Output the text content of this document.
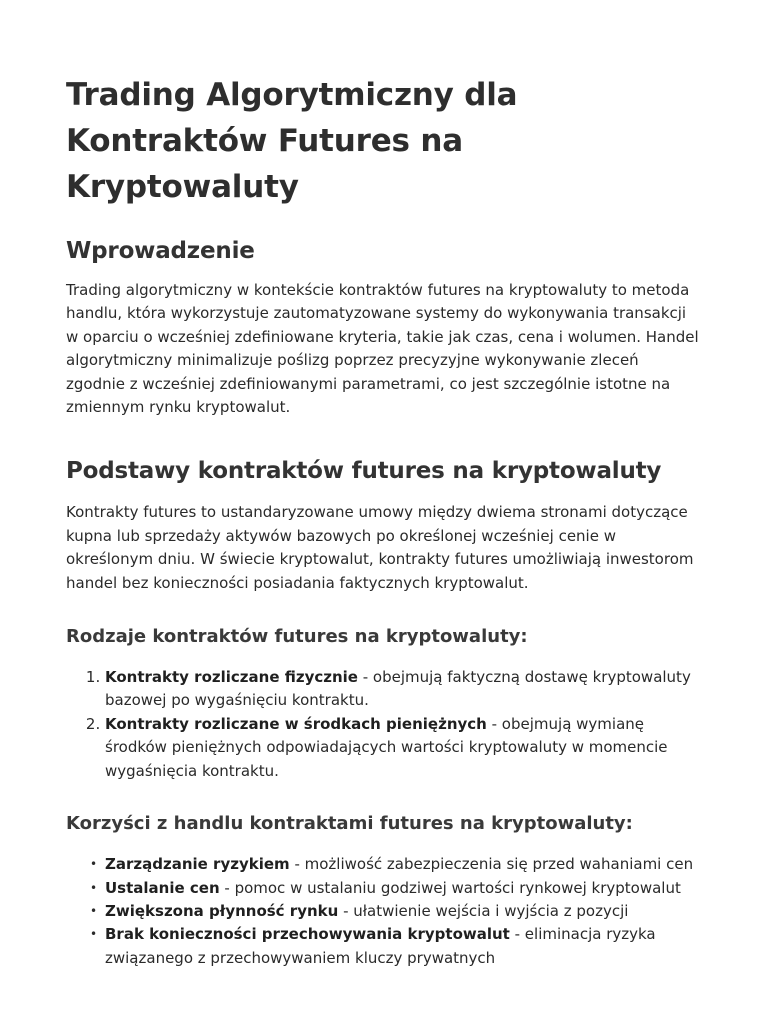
Trading Algorytmiczny dla Kontraktów Futures na Kryptowaluty
Wprowadzenie

Trading algorytmiczny w kontekście kontraktów futures na kryptowaluty to metoda handlu, która wykorzystuje zautomatyzowane systemy do wykonywania transakcji w oparciu o wcześniej zdefiniowane kryteria, takie jak czas, cena i wolumen. Handel algorytmiczny minimalizuje poślizg poprzez precyzyjne wykonywanie zleceń zgodnie z wcześniej zdefiniowanymi parametrami, co jest szczególnie istotne na zmiennym rynku kryptowalut.

Podstawy kontraktów futures na kryptowaluty

Kontrakty futures to ustandaryzowane umowy między dwiema stronami dotyczące kupna lub sprzedaży aktywów bazowych po określonej wcześniej cenie w określonym dniu. W świecie kryptowalut, kontrakty futures umożliwiają inwestorom handel bez konieczności posiadania faktycznych kryptowalut.

Rodzaje kontraktów futures na kryptowaluty:
1. Kontrakty rozliczane fizycznie - obejmują faktyczną dostawę kryptowaluty bazowej po wygaśnięciu kontraktu.
2. Kontrakty rozliczane w środkach pieniężnych - obejmują wymianę środków pieniężnych odpowiadających wartości kryptowaluty w momencie wygaśnięcia kontraktu.
Korzyści z handlu kontraktami futures na kryptowaluty:
• Zarządzanie ryzykiem - możliwość zabezpieczenia się przed wahaniami cen
• Ustalanie cen - pomoc w ustalaniu godziwej wartości rynkowej kryptowalut
• Zwiększona płynność rynku - ułatwienie wejścia i wyjścia z pozycji
• Brak konieczności przechowywania kryptowalut - eliminacja ryzyka związanego z przechowywaniem kluczy prywatnych
